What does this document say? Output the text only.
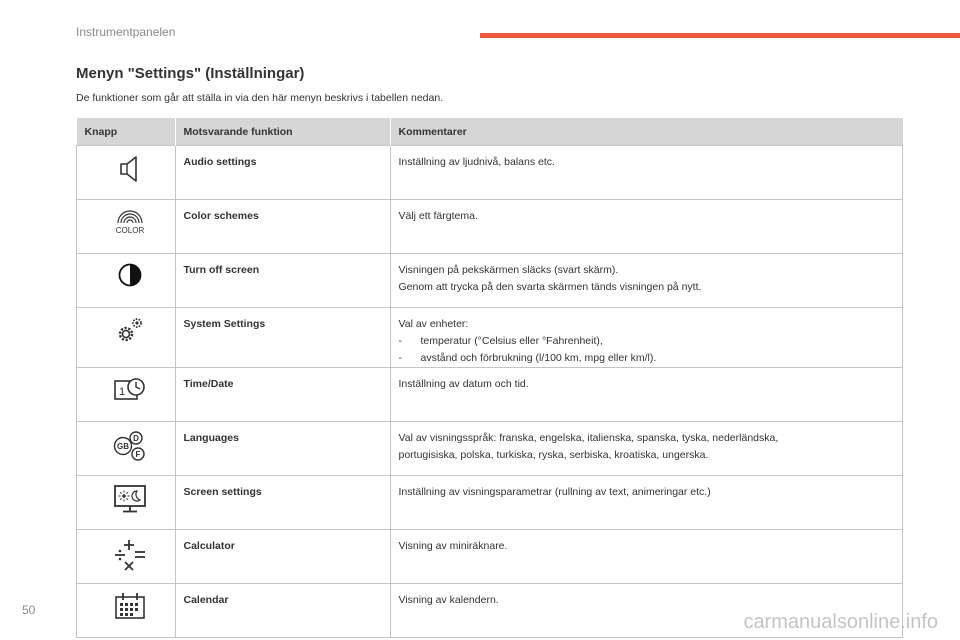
Instrumentpanelen
Menyn "Settings" (Inställningar)
De funktioner som går att ställa in via den här menyn beskrivs i tabellen nedan.
Knapp	Motsvarande funktion	Kommentarer
	Audio settings	Inställning av ljudnivå, balans etc.

COLOR	Color schemes	Välj ett färgtema.

	Turn off screen	Visningen på pekskärmen släcks (svart skärm).
Genom att trycka på den svarta skärmen tänds visningen på nytt.

	System Settings	Val av enheter:
- temperatur (°Celsius eller °Fahrenheit),
- avstånd och förbrukning (l/100 km, mpg eller km/l).

1	Time/Date	Inställning av datum och tid.

D
F
GB	Languages	Val av visningsspråk: franska, engelska, italienska, spanska, tyska, nederländska,
portugisiska, polska, turkiska, ryska, serbiska, kroatiska, ungerska.

	Screen settings	Inställning av visningsparametrar (rullning av text, animeringar etc.)

	Calculator	Visning av miniräknare.

	Calendar	Visning av kalendern.
50
carmanualsonline.info
